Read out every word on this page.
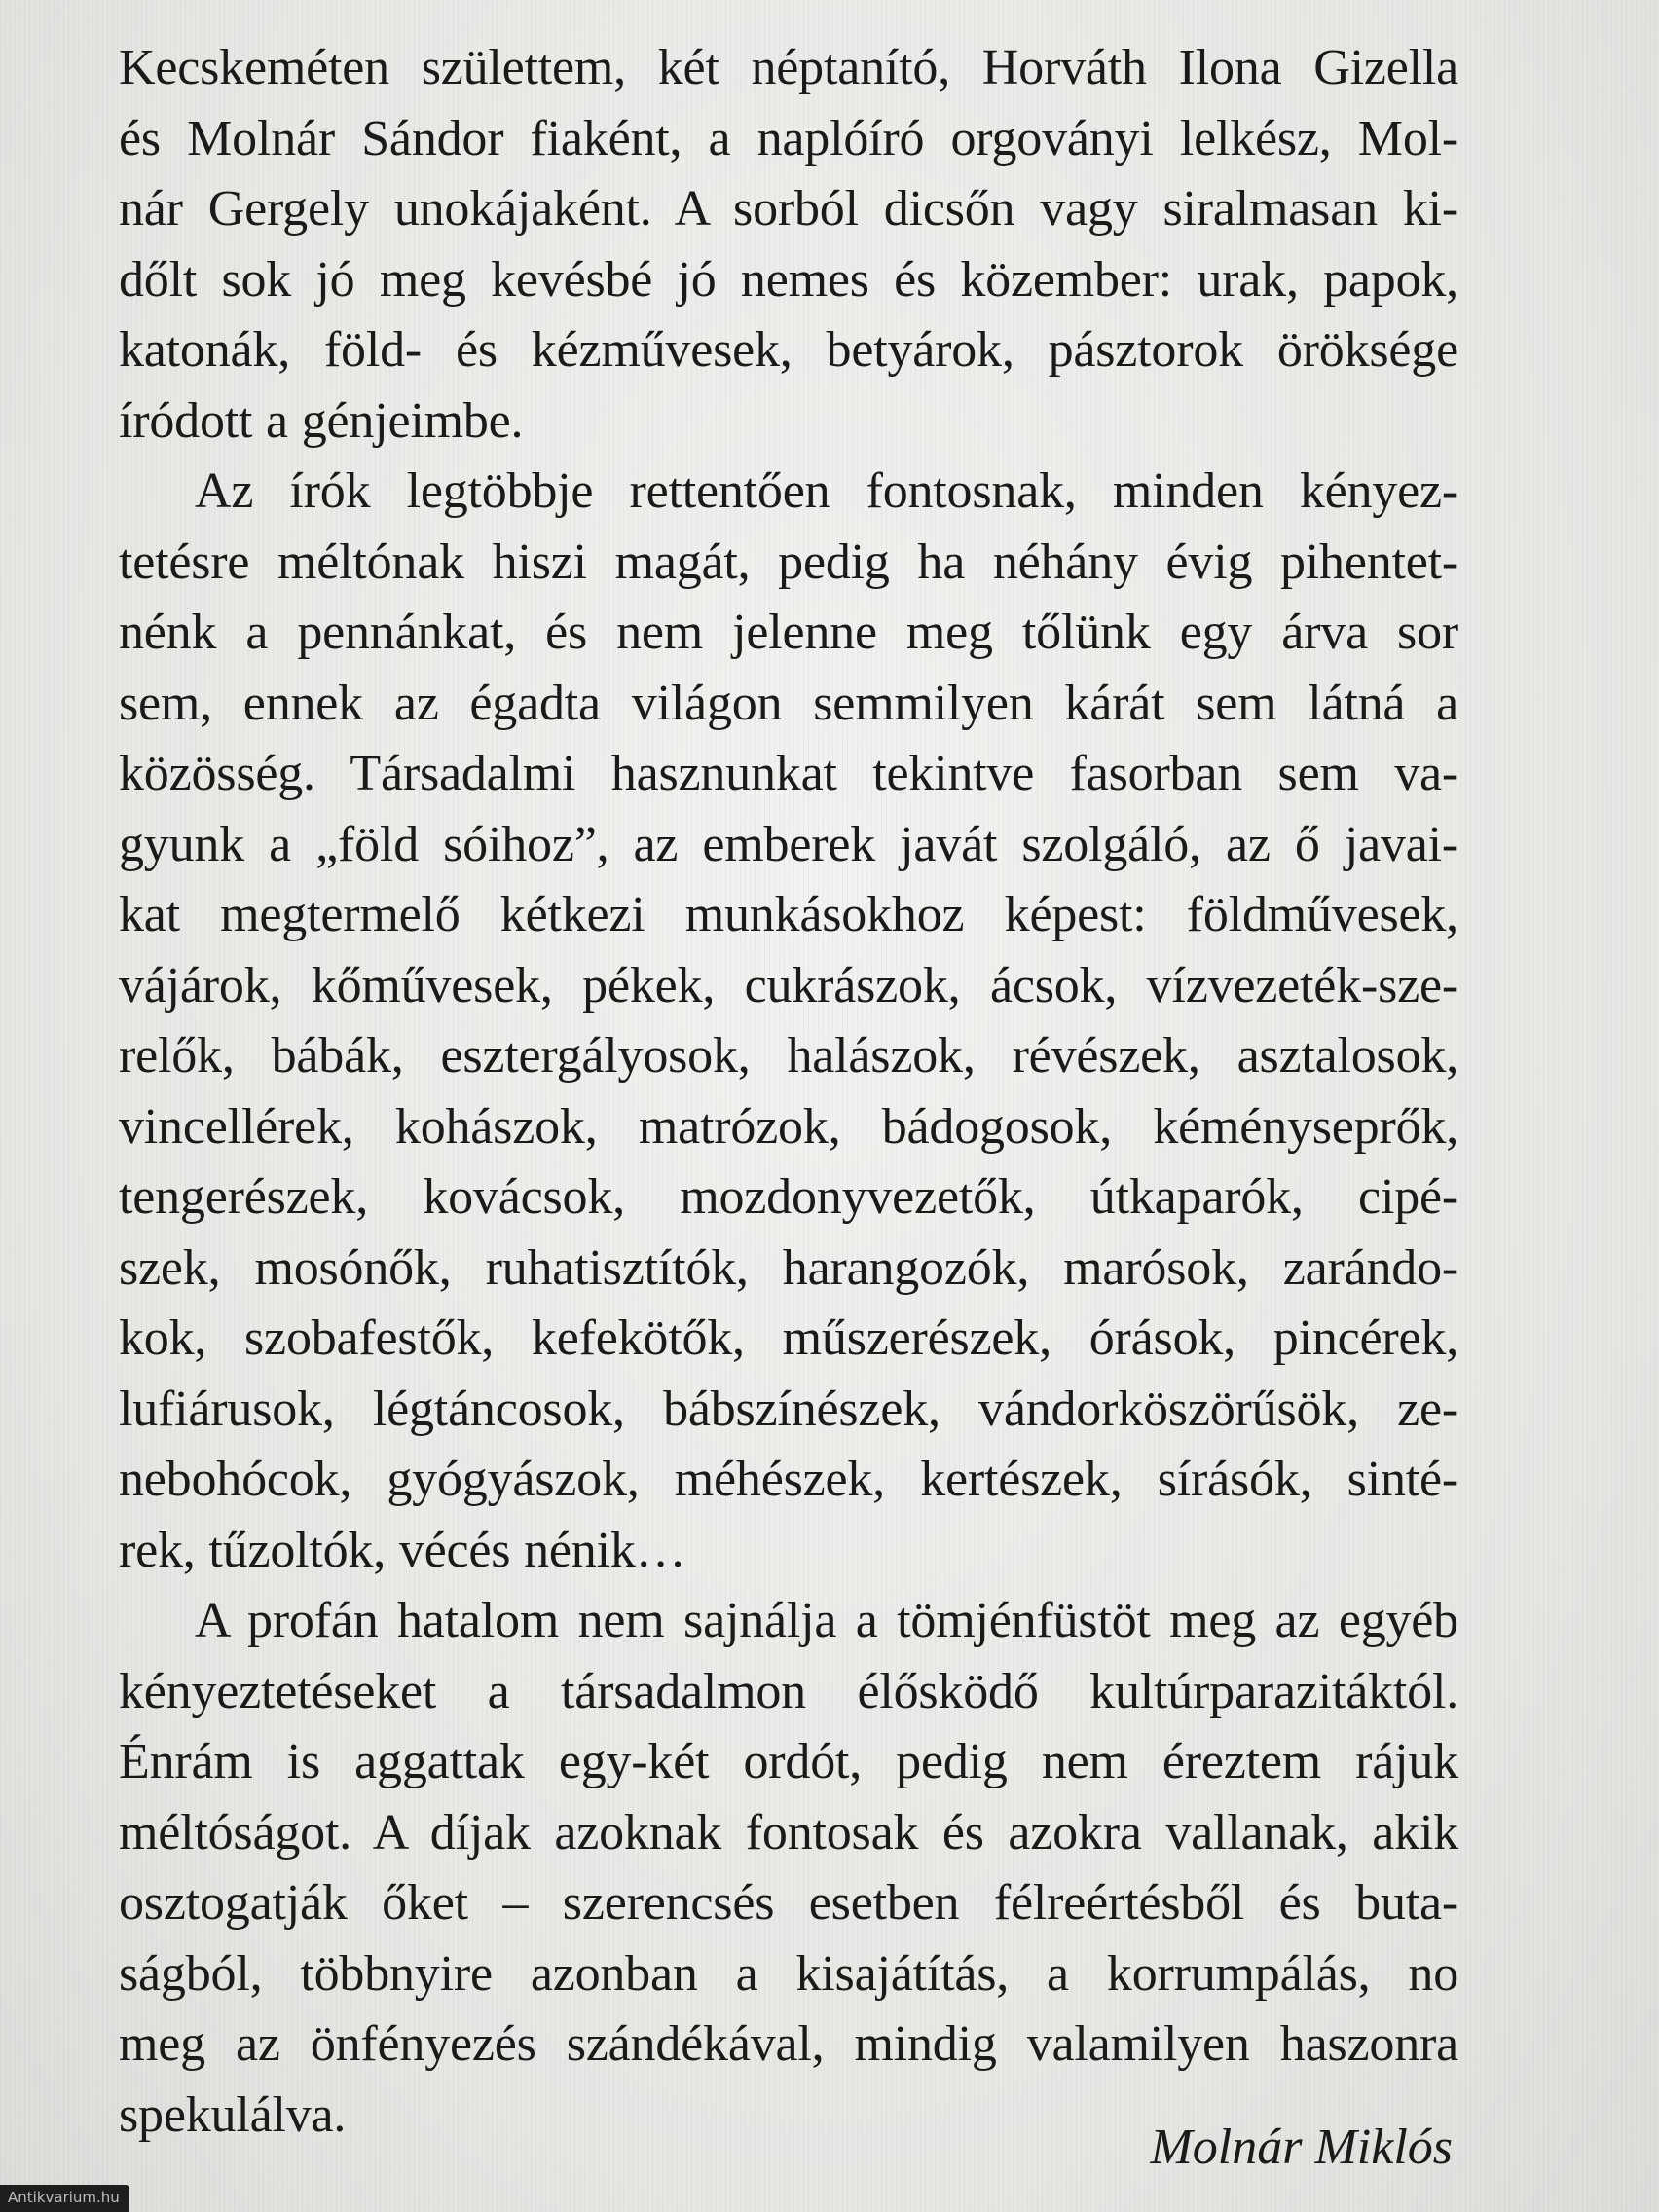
Kecskeméten születtem, két néptanító, Horváth Ilona Gizella
és Molnár Sándor fiaként, a naplóíró orgoványi lelkész, Mol-
nár Gergely unokájaként. A sorból dicsőn vagy siralmasan ki-
dőlt sok jó meg kevésbé jó nemes és közember: urak, papok,
katonák, föld- és kézművesek, betyárok, pásztorok öröksége
íródott a génjeimbe.

Az írók legtöbbje rettentően fontosnak, minden kényez-
tetésre méltónak hiszi magát, pedig ha néhány évig pihentet-
nénk a pennánkat, és nem jelenne meg tőlünk egy árva sor
sem, ennek az égadta világon semmilyen kárát sem látná a
közösség. Társadalmi hasznunkat tekintve fasorban sem va-
gyunk a „föld sóihoz”, az emberek javát szolgáló, az ő javai-
kat megtermelő kétkezi munkásokhoz képest: földművesek,
vájárok, kőművesek, pékek, cukrászok, ácsok, vízvezeték-sze-
relők, bábák, esztergályosok, halászok, révészek, asztalosok,
vincellérek, kohászok, matrózok, bádogosok, kéményseprők,
tengerészek, kovácsok, mozdonyvezetők, útkaparók, cipé-
szek, mosónők, ruhatisztítók, harangozók, marósok, zarándo-
kok, szobafestők, kefekötők, műszerészek, órások, pincérek,
lufiárusok, légtáncosok, bábszínészek, vándorköszörűsök, ze-
nebohócok, gyógyászok, méhészek, kertészek, sírásók, sinté-
rek, tűzoltók, vécés nénik…

A profán hatalom nem sajnálja a tömjénfüstöt meg az egyéb
kényeztetéseket a társadalmon élősködő kultúrparazitáktól.
Énrám is aggattak egy-két ordót, pedig nem éreztem rájuk
méltóságot. A díjak azoknak fontosak és azokra vallanak, akik
osztogatják őket – szerencsés esetben félreértésből és buta-
ságból, többnyire azonban a kisajátítás, a korrumpálás, no
meg az önfényezés szándékával, mindig valamilyen haszonra
spekulálva.

Molnár Miklós
Antikvarium.hu
